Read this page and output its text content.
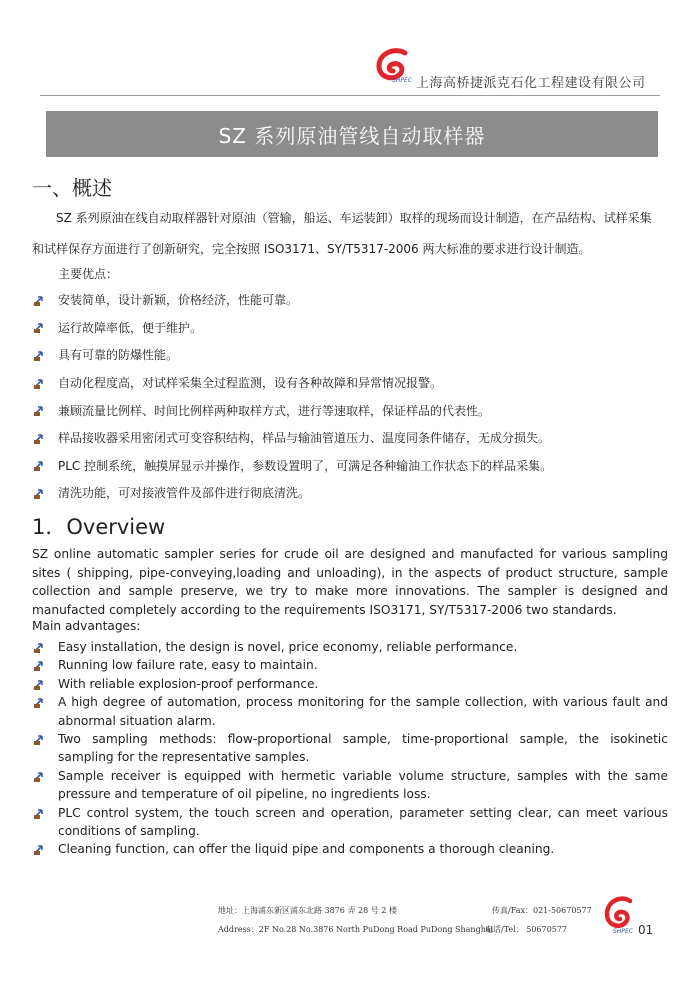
SHPEC 上海高桥捷派克石化工程建设有限公司
SZ 系列原油管线自动取样器
一、概述
SZ 系列原油在线自动取样器针对原油（管输，船运、车运装卸）取样的现场而设计制造，在产品结构、试样采集
和试样保存方面进行了创新研究，完全按照 ISO3171、SY/T5317-2006 两大标准的要求进行设计制造。
主要优点：
安装简单，设计新颖，价格经济，性能可靠。
运行故障率低，便于维护。
具有可靠的防爆性能。
自动化程度高，对试样采集全过程监测，设有各种故障和异常情况报警。
兼顾流量比例样、时间比例样两种取样方式，进行等速取样，保证样品的代表性。
样品接收器采用密闭式可变容积结构，样品与输油管道压力、温度同条件储存，无成分损失。
PLC 控制系统，触摸屏显示并操作，参数设置明了，可满足各种输油工作状态下的样品采集。
清洗功能，可对接液管件及部件进行彻底清洗。
1．Overview
SZ online automatic sampler series for crude oil are designed and manufacted for various sampling sites ( shipping, pipe-conveying,loading and unloading), in the aspects of product structure, sample collection and sample preserve, we try to make more innovations. The sampler is designed and manufacted completely according to the requirements ISO3171, SY/T5317-2006 two standards.
Main advantages:
Easy installation, the design is novel, price economy, reliable performance.
Running low failure rate, easy to maintain.
With reliable explosion-proof performance.
A high degree of automation, process monitoring for the sample collection, with various fault and abnormal situation alarm.
Two sampling methods: flow-proportional sample, time-proportional sample, the isokinetic sampling for the representative samples.
Sample receiver is equipped with hermetic variable volume structure, samples with the same pressure and temperature of oil pipeline, no ingredients loss.
PLC control system, the touch screen and operation, parameter setting clear, can meet various conditions of sampling.
Cleaning function, can offer the liquid pipe and components a thorough cleaning.
地址：上海浦东新区浦东北路 3876 弄 28 号 2 楼	传真/Fax：021-50670577
Address：2F No.28 No.3876 North PuDong Road PuDong Shanghai
电话/Tel： 50670577	SHPEC 01
